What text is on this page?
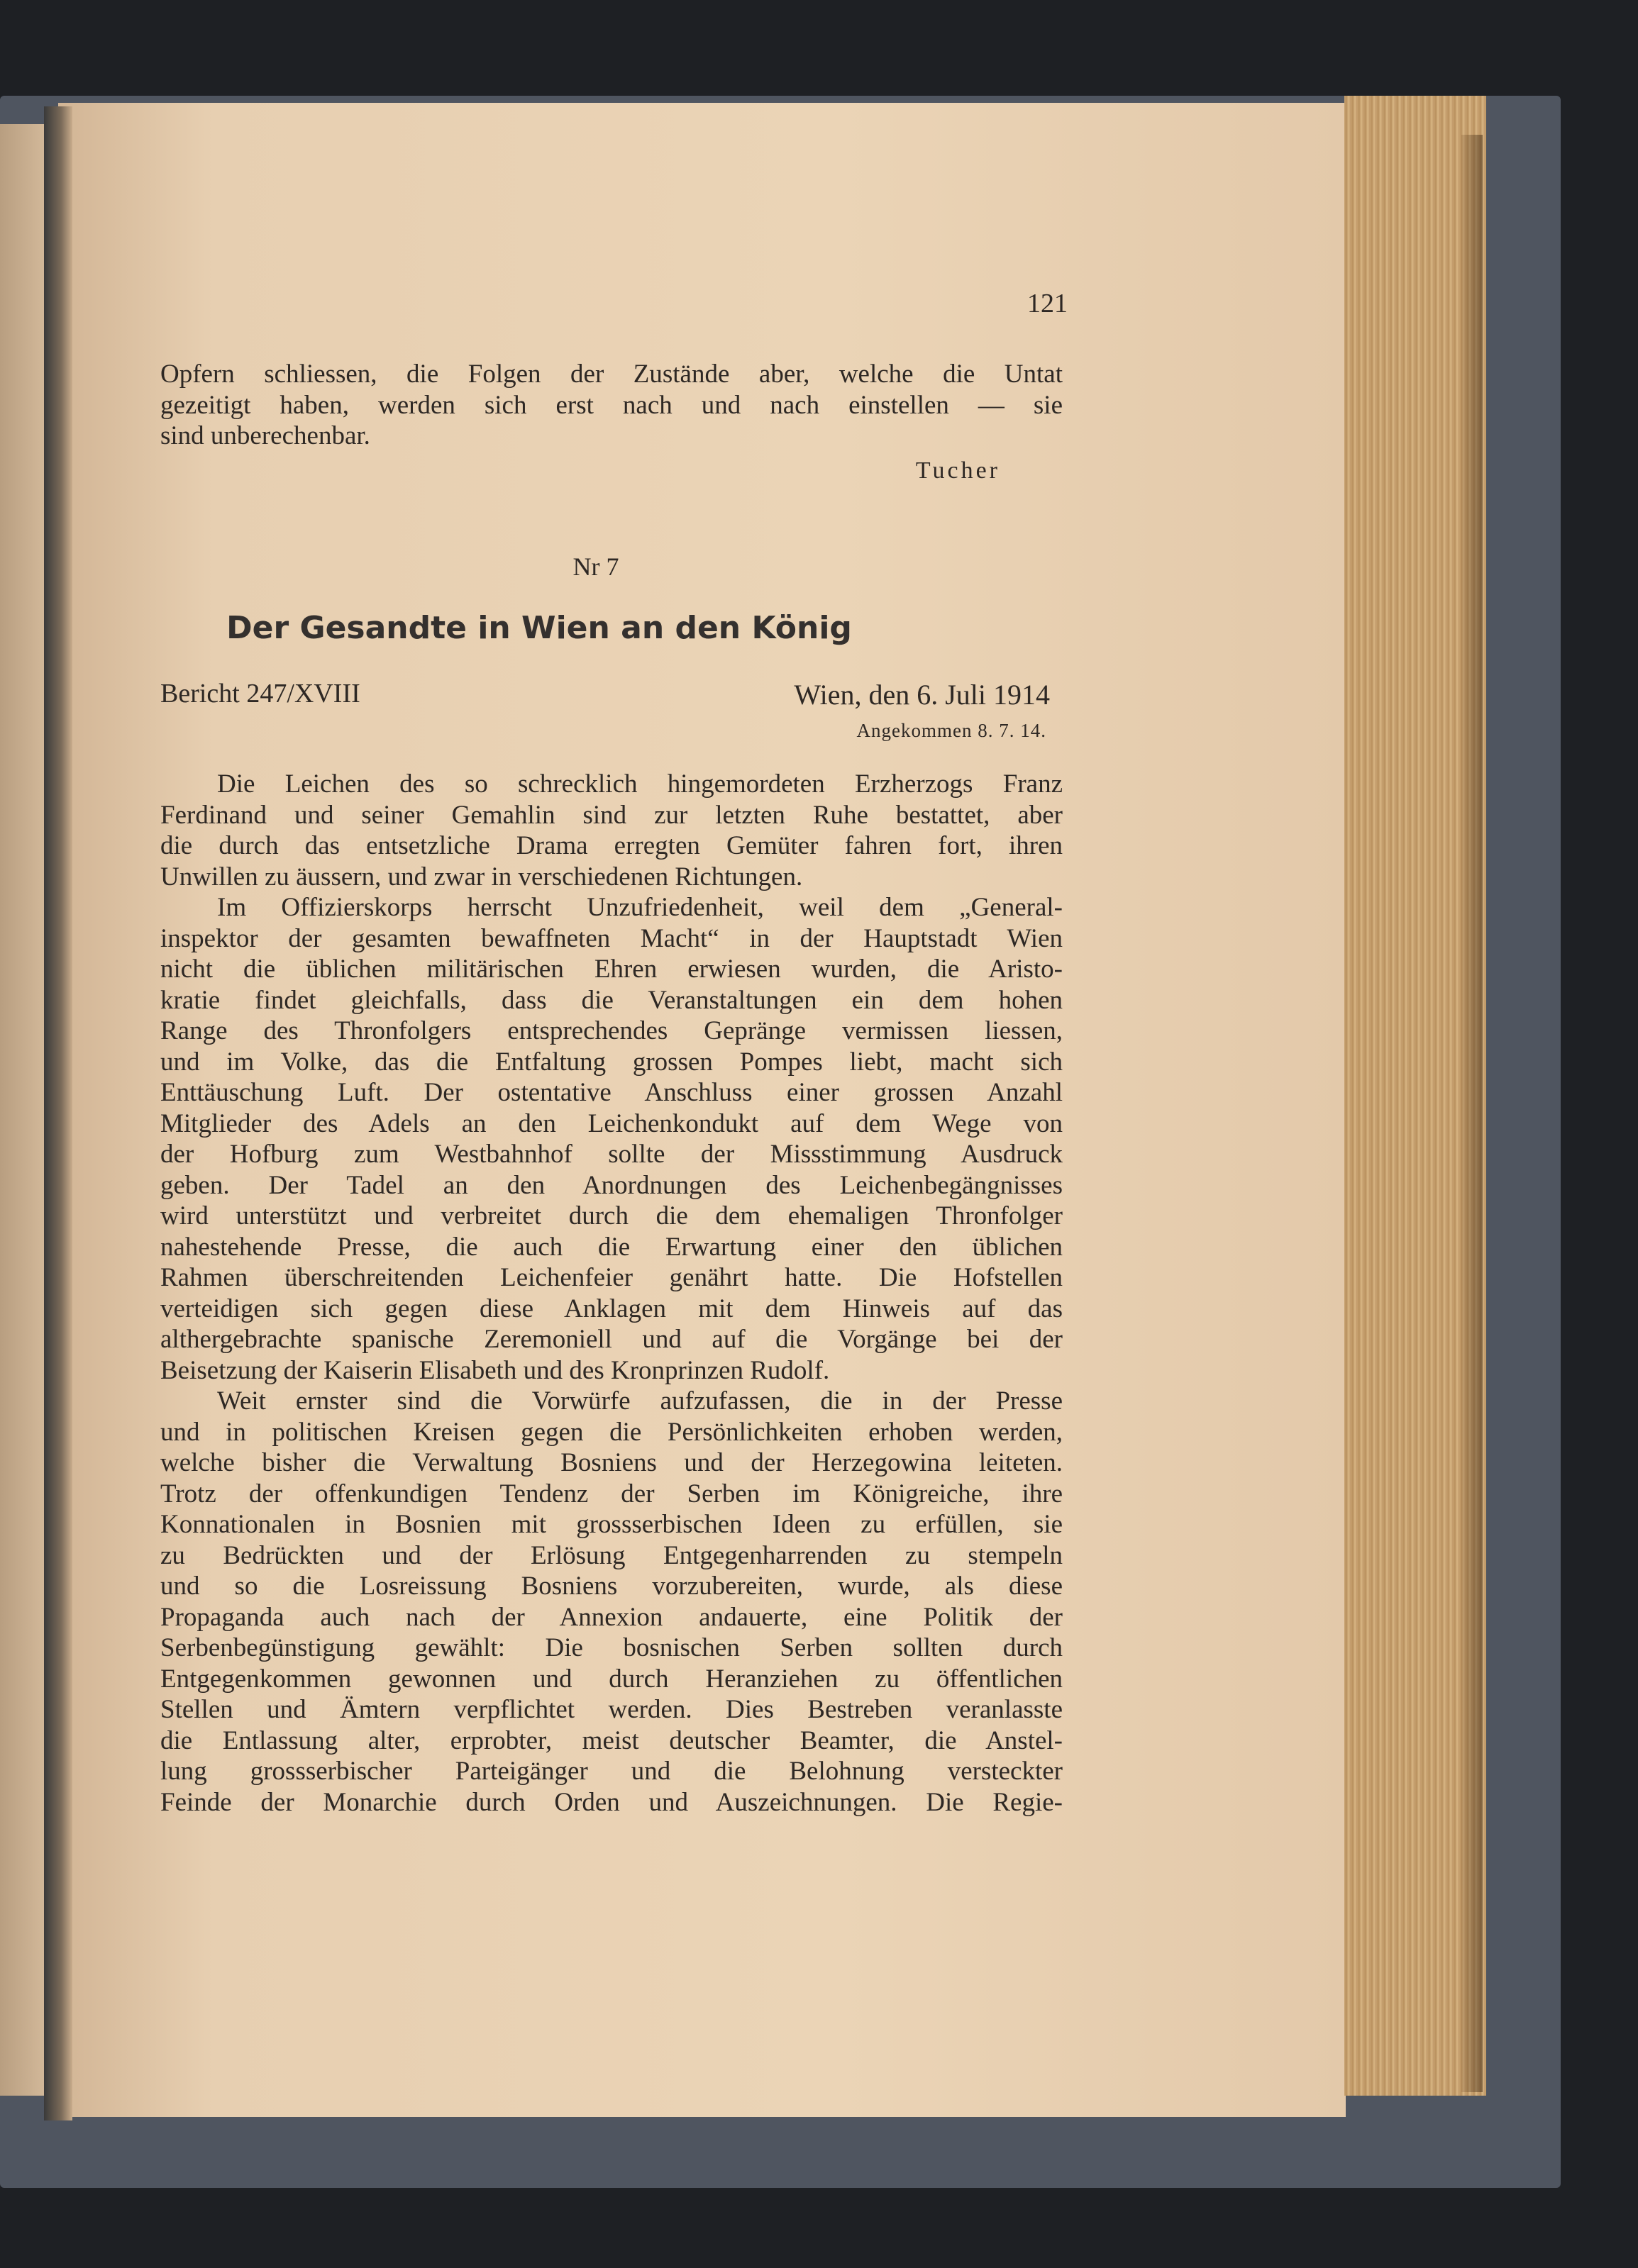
121
Opfern schliessen, die Folgen der Zustände aber, welche die Untat
gezeitigt haben, werden sich erst nach und nach einstellen — sie
sind unberechenbar.
Tucher
Nr 7
Der Gesandte in Wien an den König
Bericht 247/XVIII	Wien, den 6. Juli 1914
Angekommen 8. 7. 14.
Die Leichen des so schrecklich hingemordeten Erzherzogs Franz
Ferdinand und seiner Gemahlin sind zur letzten Ruhe bestattet, aber
die durch das entsetzliche Drama erregten Gemüter fahren fort, ihren
Unwillen zu äussern, und zwar in verschiedenen Richtungen.
Im Offizierskorps herrscht Unzufriedenheit, weil dem „General-
inspektor der gesamten bewaffneten Macht“ in der Hauptstadt Wien
nicht die üblichen militärischen Ehren erwiesen wurden, die Aristo-
kratie findet gleichfalls, dass die Veranstaltungen ein dem hohen
Range des Thronfolgers entsprechendes Gepränge vermissen liessen,
und im Volke, das die Entfaltung grossen Pompes liebt, macht sich
Enttäuschung Luft. Der ostentative Anschluss einer grossen Anzahl
Mitglieder des Adels an den Leichenkondukt auf dem Wege von
der Hofburg zum Westbahnhof sollte der Missstimmung Ausdruck
geben. Der Tadel an den Anordnungen des Leichenbegängnisses
wird unterstützt und verbreitet durch die dem ehemaligen Thronfolger
nahestehende Presse, die auch die Erwartung einer den üblichen
Rahmen überschreitenden Leichenfeier genährt hatte. Die Hofstellen
verteidigen sich gegen diese Anklagen mit dem Hinweis auf das
althergebrachte spanische Zeremoniell und auf die Vorgänge bei der
Beisetzung der Kaiserin Elisabeth und des Kronprinzen Rudolf.
Weit ernster sind die Vorwürfe aufzufassen, die in der Presse
und in politischen Kreisen gegen die Persönlichkeiten erhoben werden,
welche bisher die Verwaltung Bosniens und der Herzegowina leiteten.
Trotz der offenkundigen Tendenz der Serben im Königreiche, ihre
Konnationalen in Bosnien mit grossserbischen Ideen zu erfüllen, sie
zu Bedrückten und der Erlösung Entgegenharrenden zu stempeln
und so die Losreissung Bosniens vorzubereiten, wurde, als diese
Propaganda auch nach der Annexion andauerte, eine Politik der
Serbenbegünstigung gewählt: Die bosnischen Serben sollten durch
Entgegenkommen gewonnen und durch Heranziehen zu öffentlichen
Stellen und Ämtern verpflichtet werden. Dies Bestreben veranlasste
die Entlassung alter, erprobter, meist deutscher Beamter, die Anstel-
lung grossserbischer Parteigänger und die Belohnung versteckter
Feinde der Monarchie durch Orden und Auszeichnungen. Die Regie-
